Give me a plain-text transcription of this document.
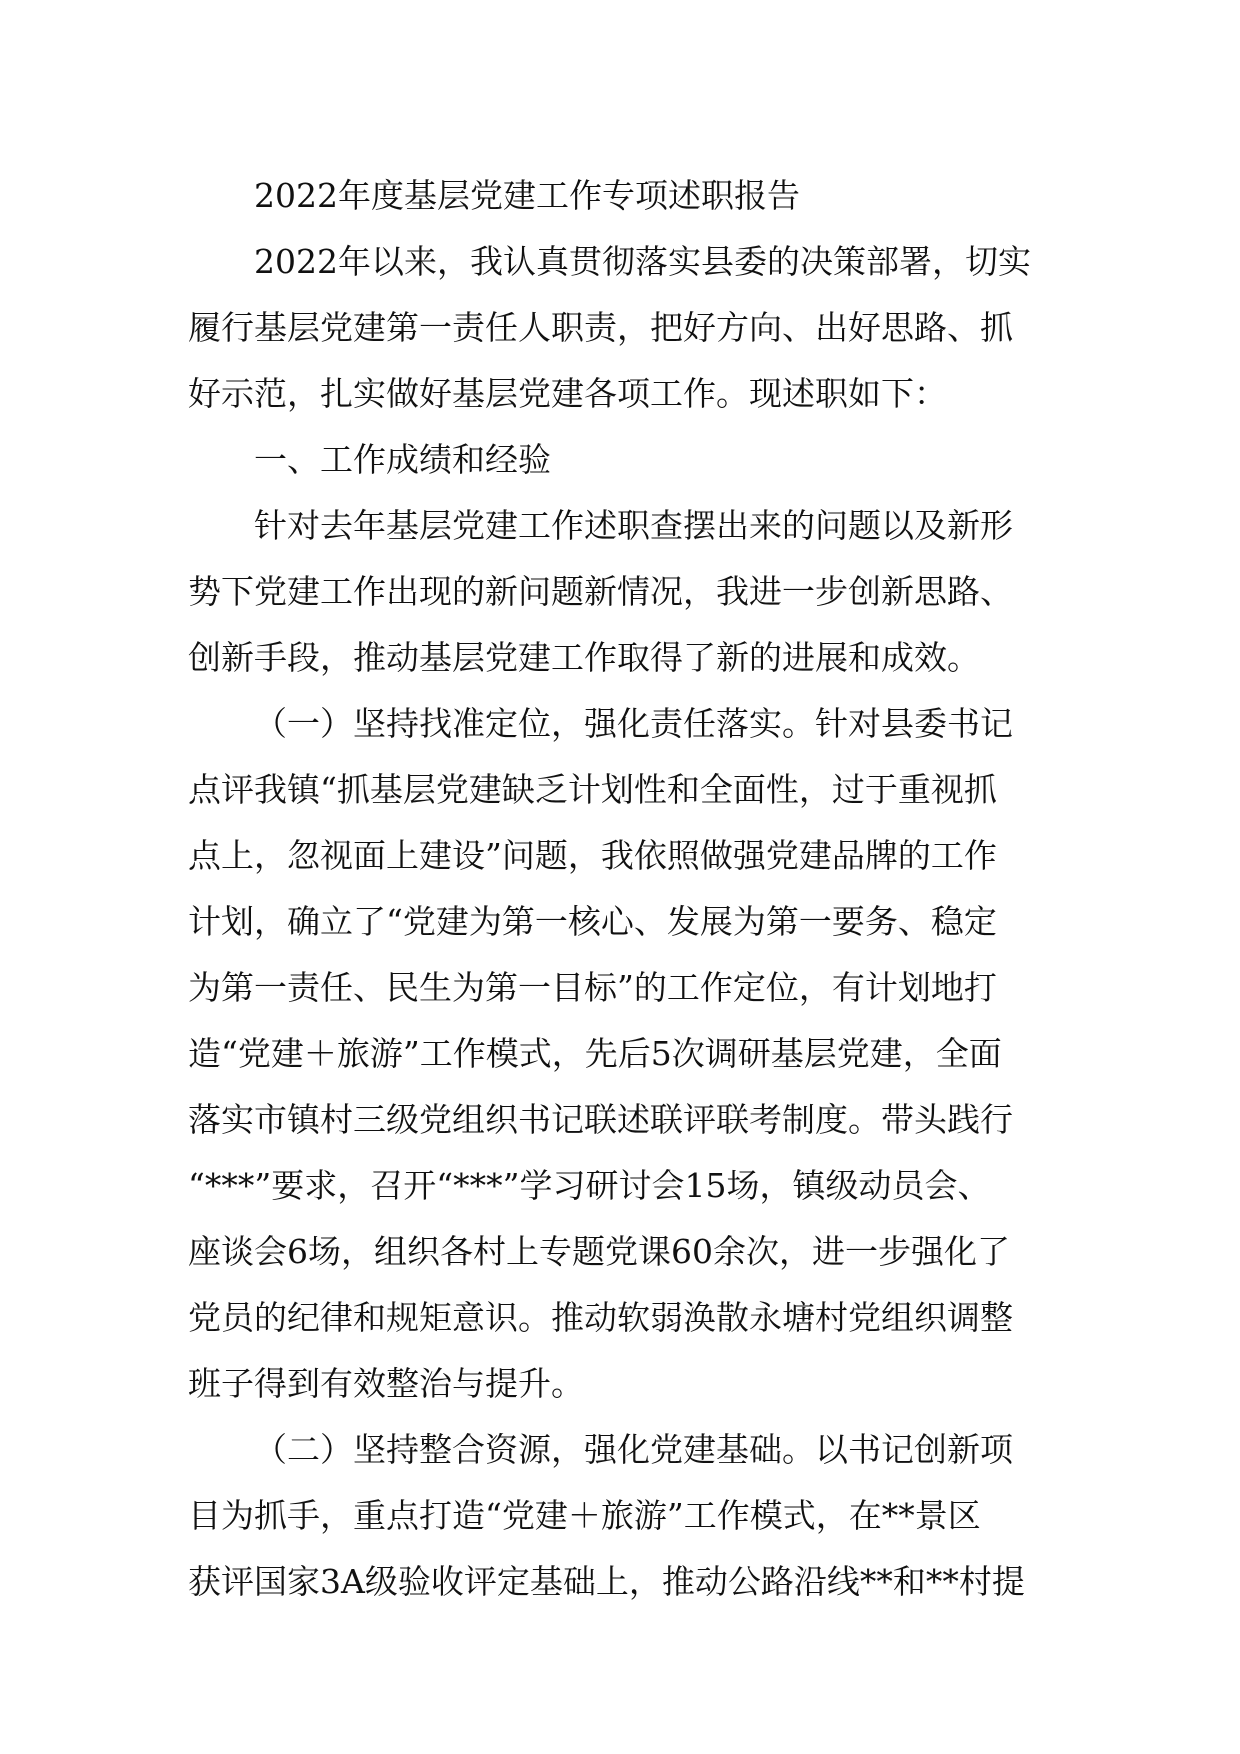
2022年度基层党建工作专项述职报告
2022年以来，我认真贯彻落实县委的决策部署，切实
履行基层党建第一责任人职责，把好方向、出好思路、抓
好示范，扎实做好基层党建各项工作。现述职如下：
一、工作成绩和经验
针对去年基层党建工作述职查摆出来的问题以及新形
势下党建工作出现的新问题新情况，我进一步创新思路、
创新手段，推动基层党建工作取得了新的进展和成效。
（一）坚持找准定位，强化责任落实。针对县委书记
点评我镇“抓基层党建缺乏计划性和全面性，过于重视抓
点上，忽视面上建设”问题，我依照做强党建品牌的工作
计划，确立了“党建为第一核心、发展为第一要务、稳定
为第一责任、民生为第一目标”的工作定位，有计划地打
造“党建＋旅游”工作模式，先后5次调研基层党建，全面
落实市镇村三级党组织书记联述联评联考制度。带头践行
“***”要求，召开“***”学习研讨会15场，镇级动员会、
座谈会6场，组织各村上专题党课60余次，进一步强化了
党员的纪律和规矩意识。推动软弱涣散永塘村党组织调整
班子得到有效整治与提升。
（二）坚持整合资源，强化党建基础。以书记创新项
目为抓手，重点打造“党建＋旅游”工作模式，在**景区
获评国家3A级验收评定基础上，推动公路沿线**和**村提
